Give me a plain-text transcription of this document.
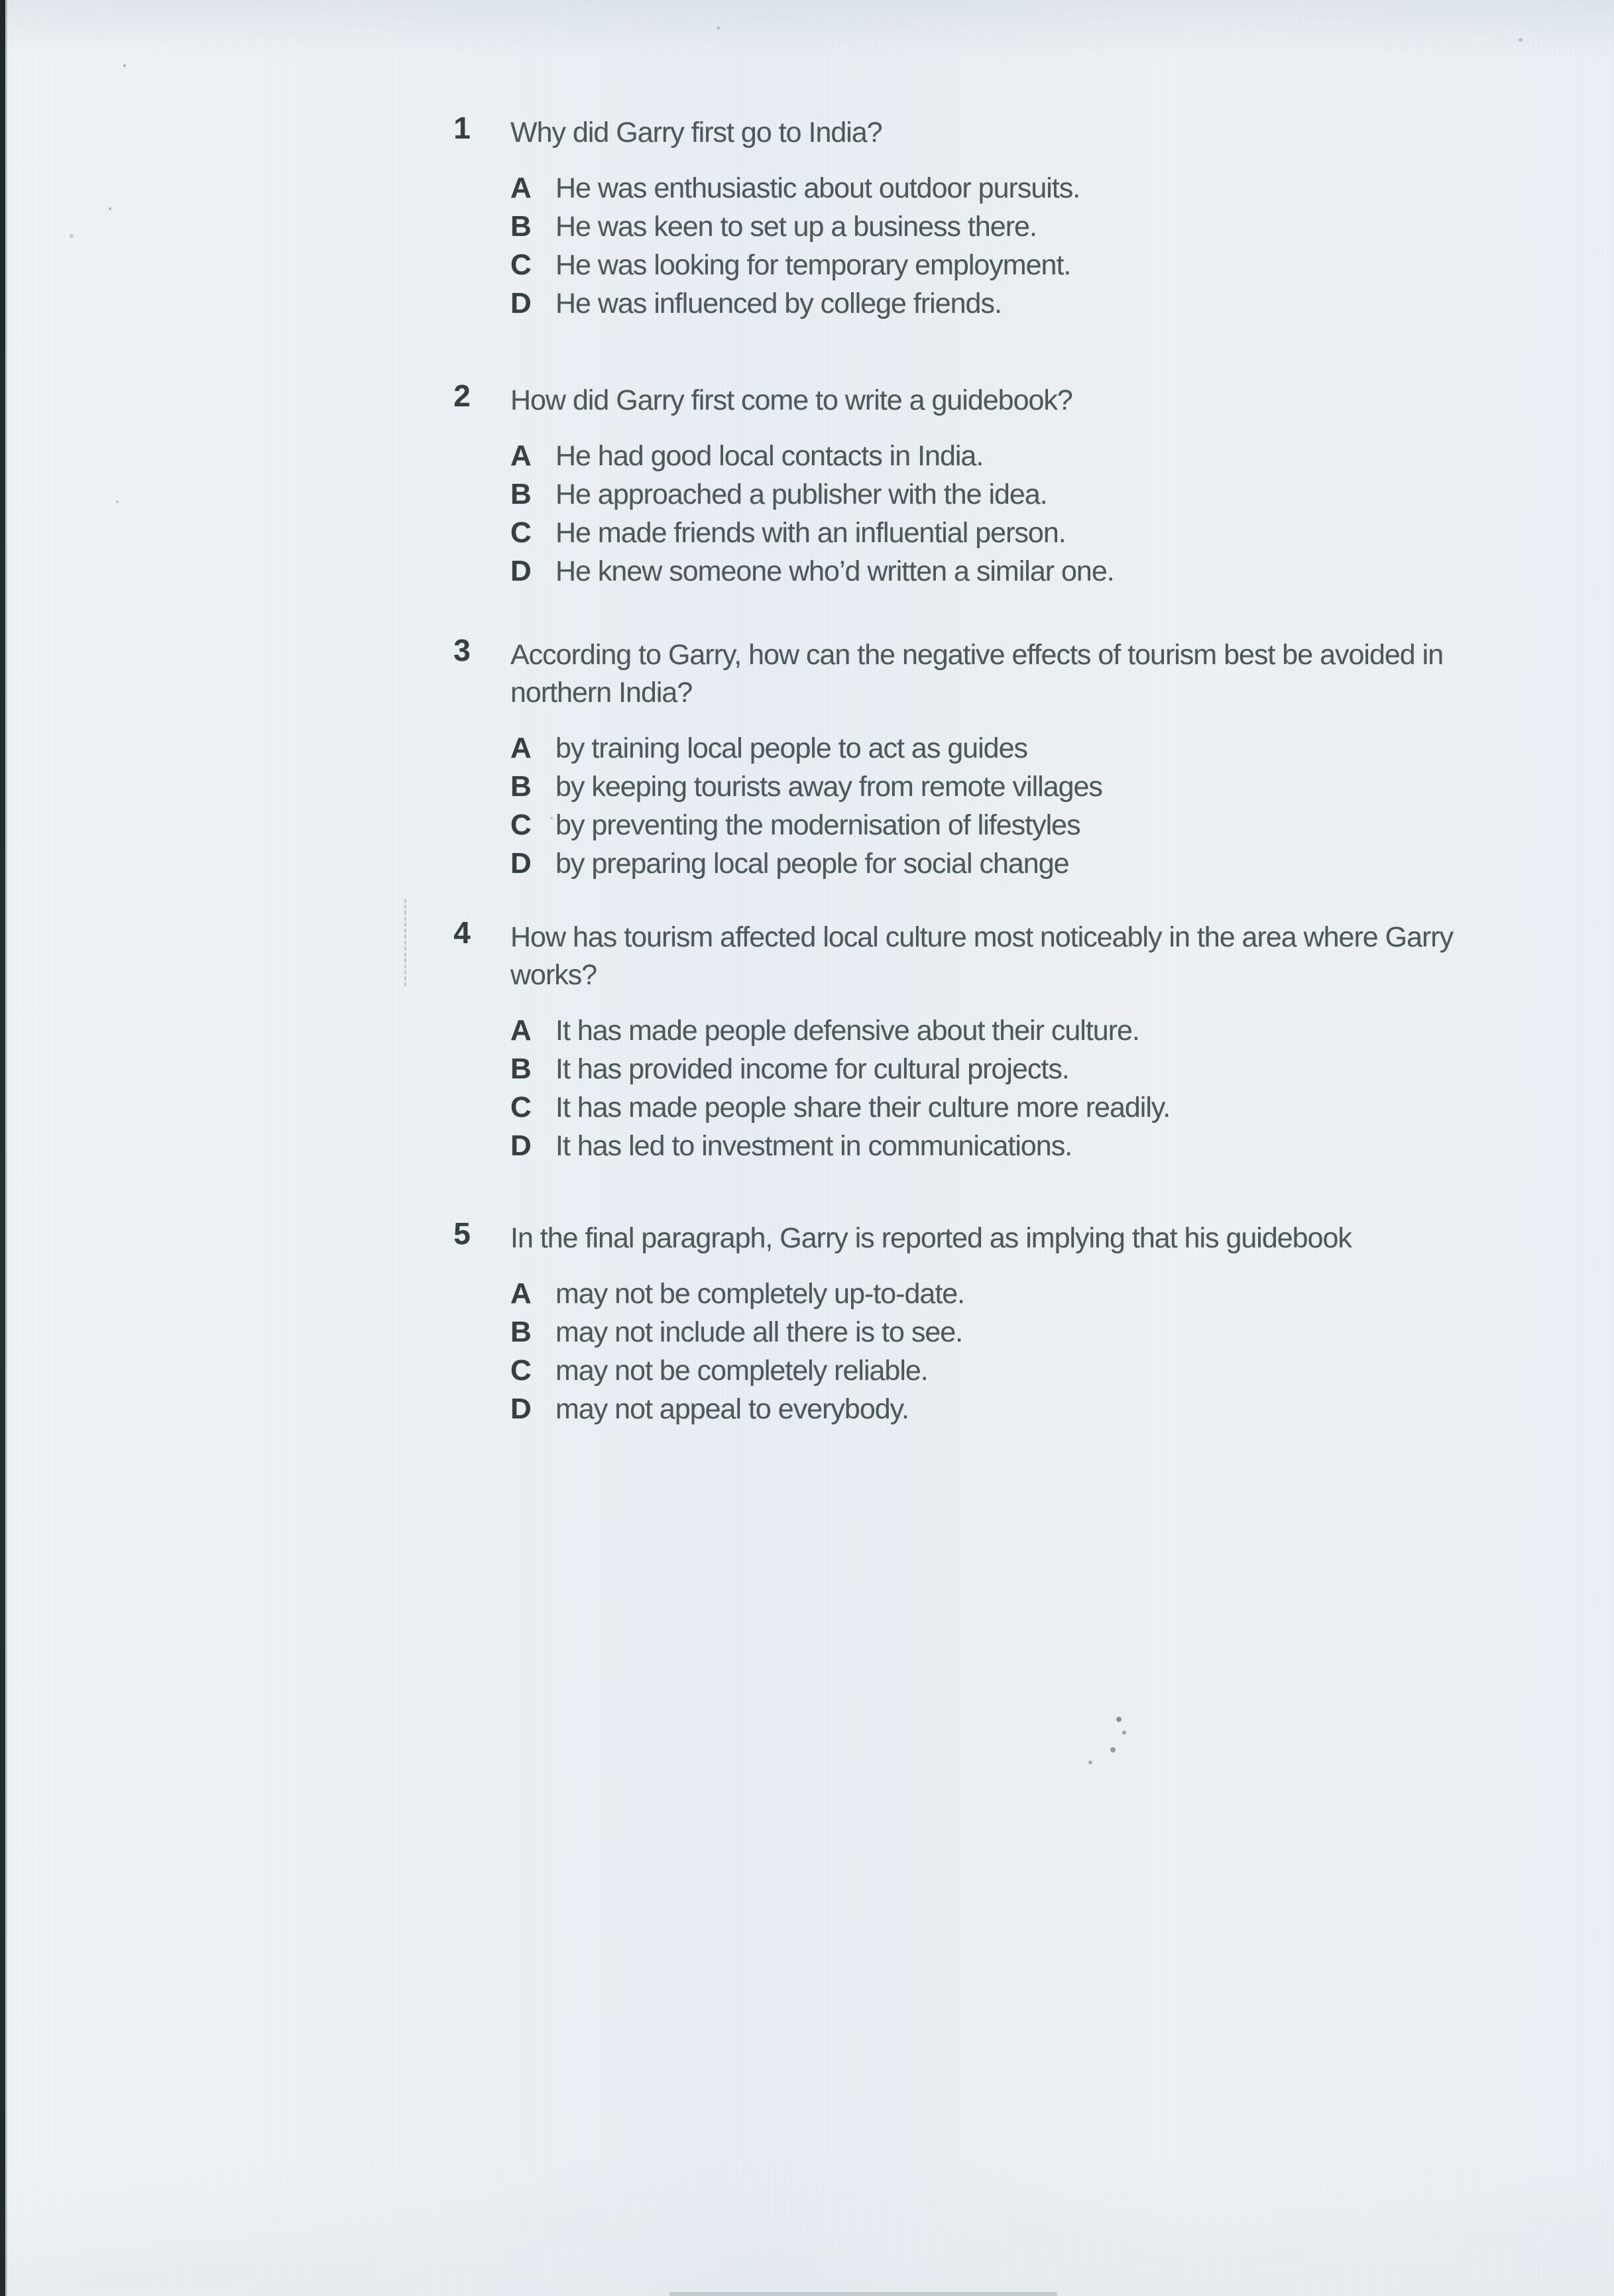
1 Why did Garry first go to India?
A He was enthusiastic about outdoor pursuits.
B He was keen to set up a business there.
C He was looking for temporary employment.
D He was influenced by college friends.
2 How did Garry first come to write a guidebook?
A He had good local contacts in India.
B He approached a publisher with the idea.
C He made friends with an influential person.
D He knew someone who’d written a similar one.
3 According to Garry, how can the negative effects of tourism best be avoided in
northern India?
A by training local people to act as guides
B by keeping tourists away from remote villages
C by preventing the modernisation of lifestyles
D by preparing local people for social change
4 How has tourism affected local culture most noticeably in the area where Garry
works?
A It has made people defensive about their culture.
B It has provided income for cultural projects.
C It has made people share their culture more readily.
D It has led to investment in communications.
5 In the final paragraph, Garry is reported as implying that his guidebook
A may not be completely up-to-date.
B may not include all there is to see.
C may not be completely reliable.
D may not appeal to everybody.
